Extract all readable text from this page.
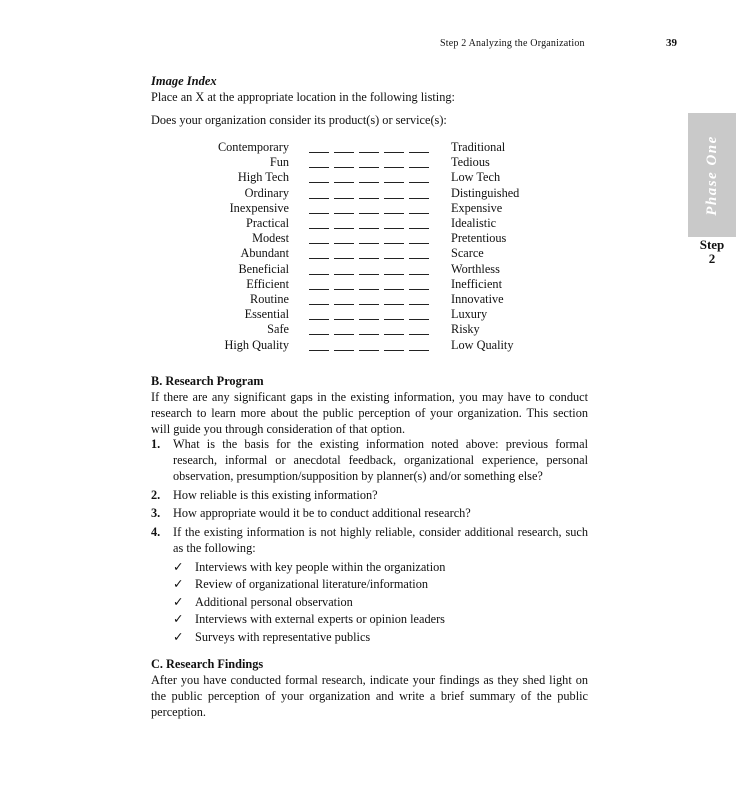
Step 2 Analyzing the Organization	39
Phase One
Step
2
Image Index
Place an X at the appropriate location in the following listing:
Does your organization consider its product(s) or service(s):
Contemporary	Traditional
Fun	Tedious
High Tech	Low Tech
Ordinary	Distinguished
Inexpensive	Expensive
Practical	Idealistic
Modest	Pretentious
Abundant	Scarce
Beneficial	Worthless
Efficient	Inefficient
Routine	Innovative
Essential	Luxury
Safe	Risky
High Quality	Low Quality
B. Research Program
If there are any significant gaps in the existing information, you may have to conduct research to learn more about the public perception of your organization. This section will guide you through consideration of that option.
1.	What is the basis for the existing information noted above: previous formal research, informal or anecdotal feedback, organizational experience, personal observation, presumption/supposition by planner(s) and/or something else?
2.	How reliable is this existing information?
3.	How appropriate would it be to conduct additional research?
4.	If the existing information is not highly reliable, consider additional research, such as the following:
✓ Interviews with key people within the organization
✓ Review of organizational literature/information
✓ Additional personal observation
✓ Interviews with external experts or opinion leaders
✓ Surveys with representative publics
C. Research Findings
After you have conducted formal research, indicate your findings as they shed light on the public perception of your organization and write a brief summary of the public perception.
